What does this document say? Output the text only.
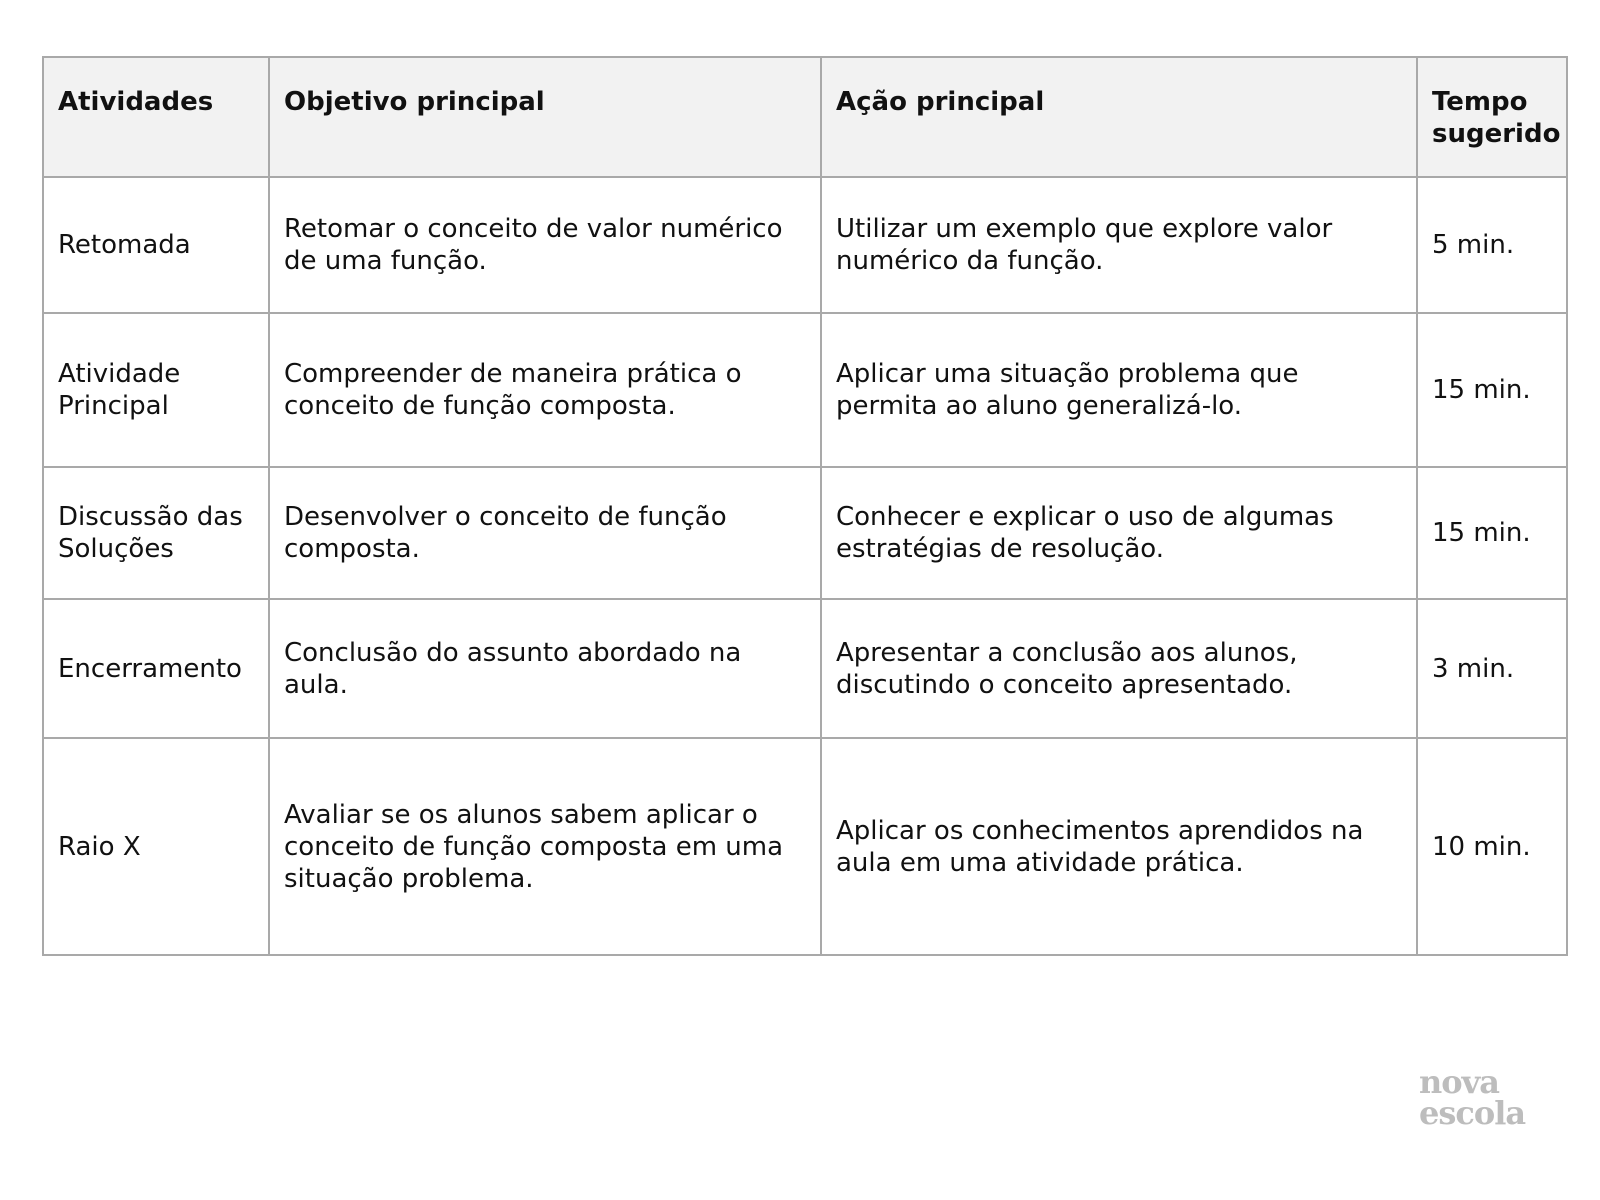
Atividades	Objetivo principal	Ação principal	Tempo sugerido
Retomada	Retomar o conceito de valor numérico de uma função.	Utilizar um exemplo que explore valor numérico da função.	5 min.
Atividade Principal	Compreender de maneira prática o conceito de função composta.	Aplicar uma situação problema que permita ao aluno generalizá-lo.	15 min.
Discussão das Soluções	Desenvolver o conceito de função composta.	Conhecer e explicar o uso de algumas estratégias de resolução.	15 min.
Encerramento	Conclusão do assunto abordado na aula.	Apresentar a conclusão aos alunos, discutindo o conceito apresentado.	3 min.
Raio X	Avaliar se os alunos sabem aplicar o conceito de função composta em uma situação problema.	Aplicar os conhecimentos aprendidos na aula em uma atividade prática.	10 min.
nova
escola
